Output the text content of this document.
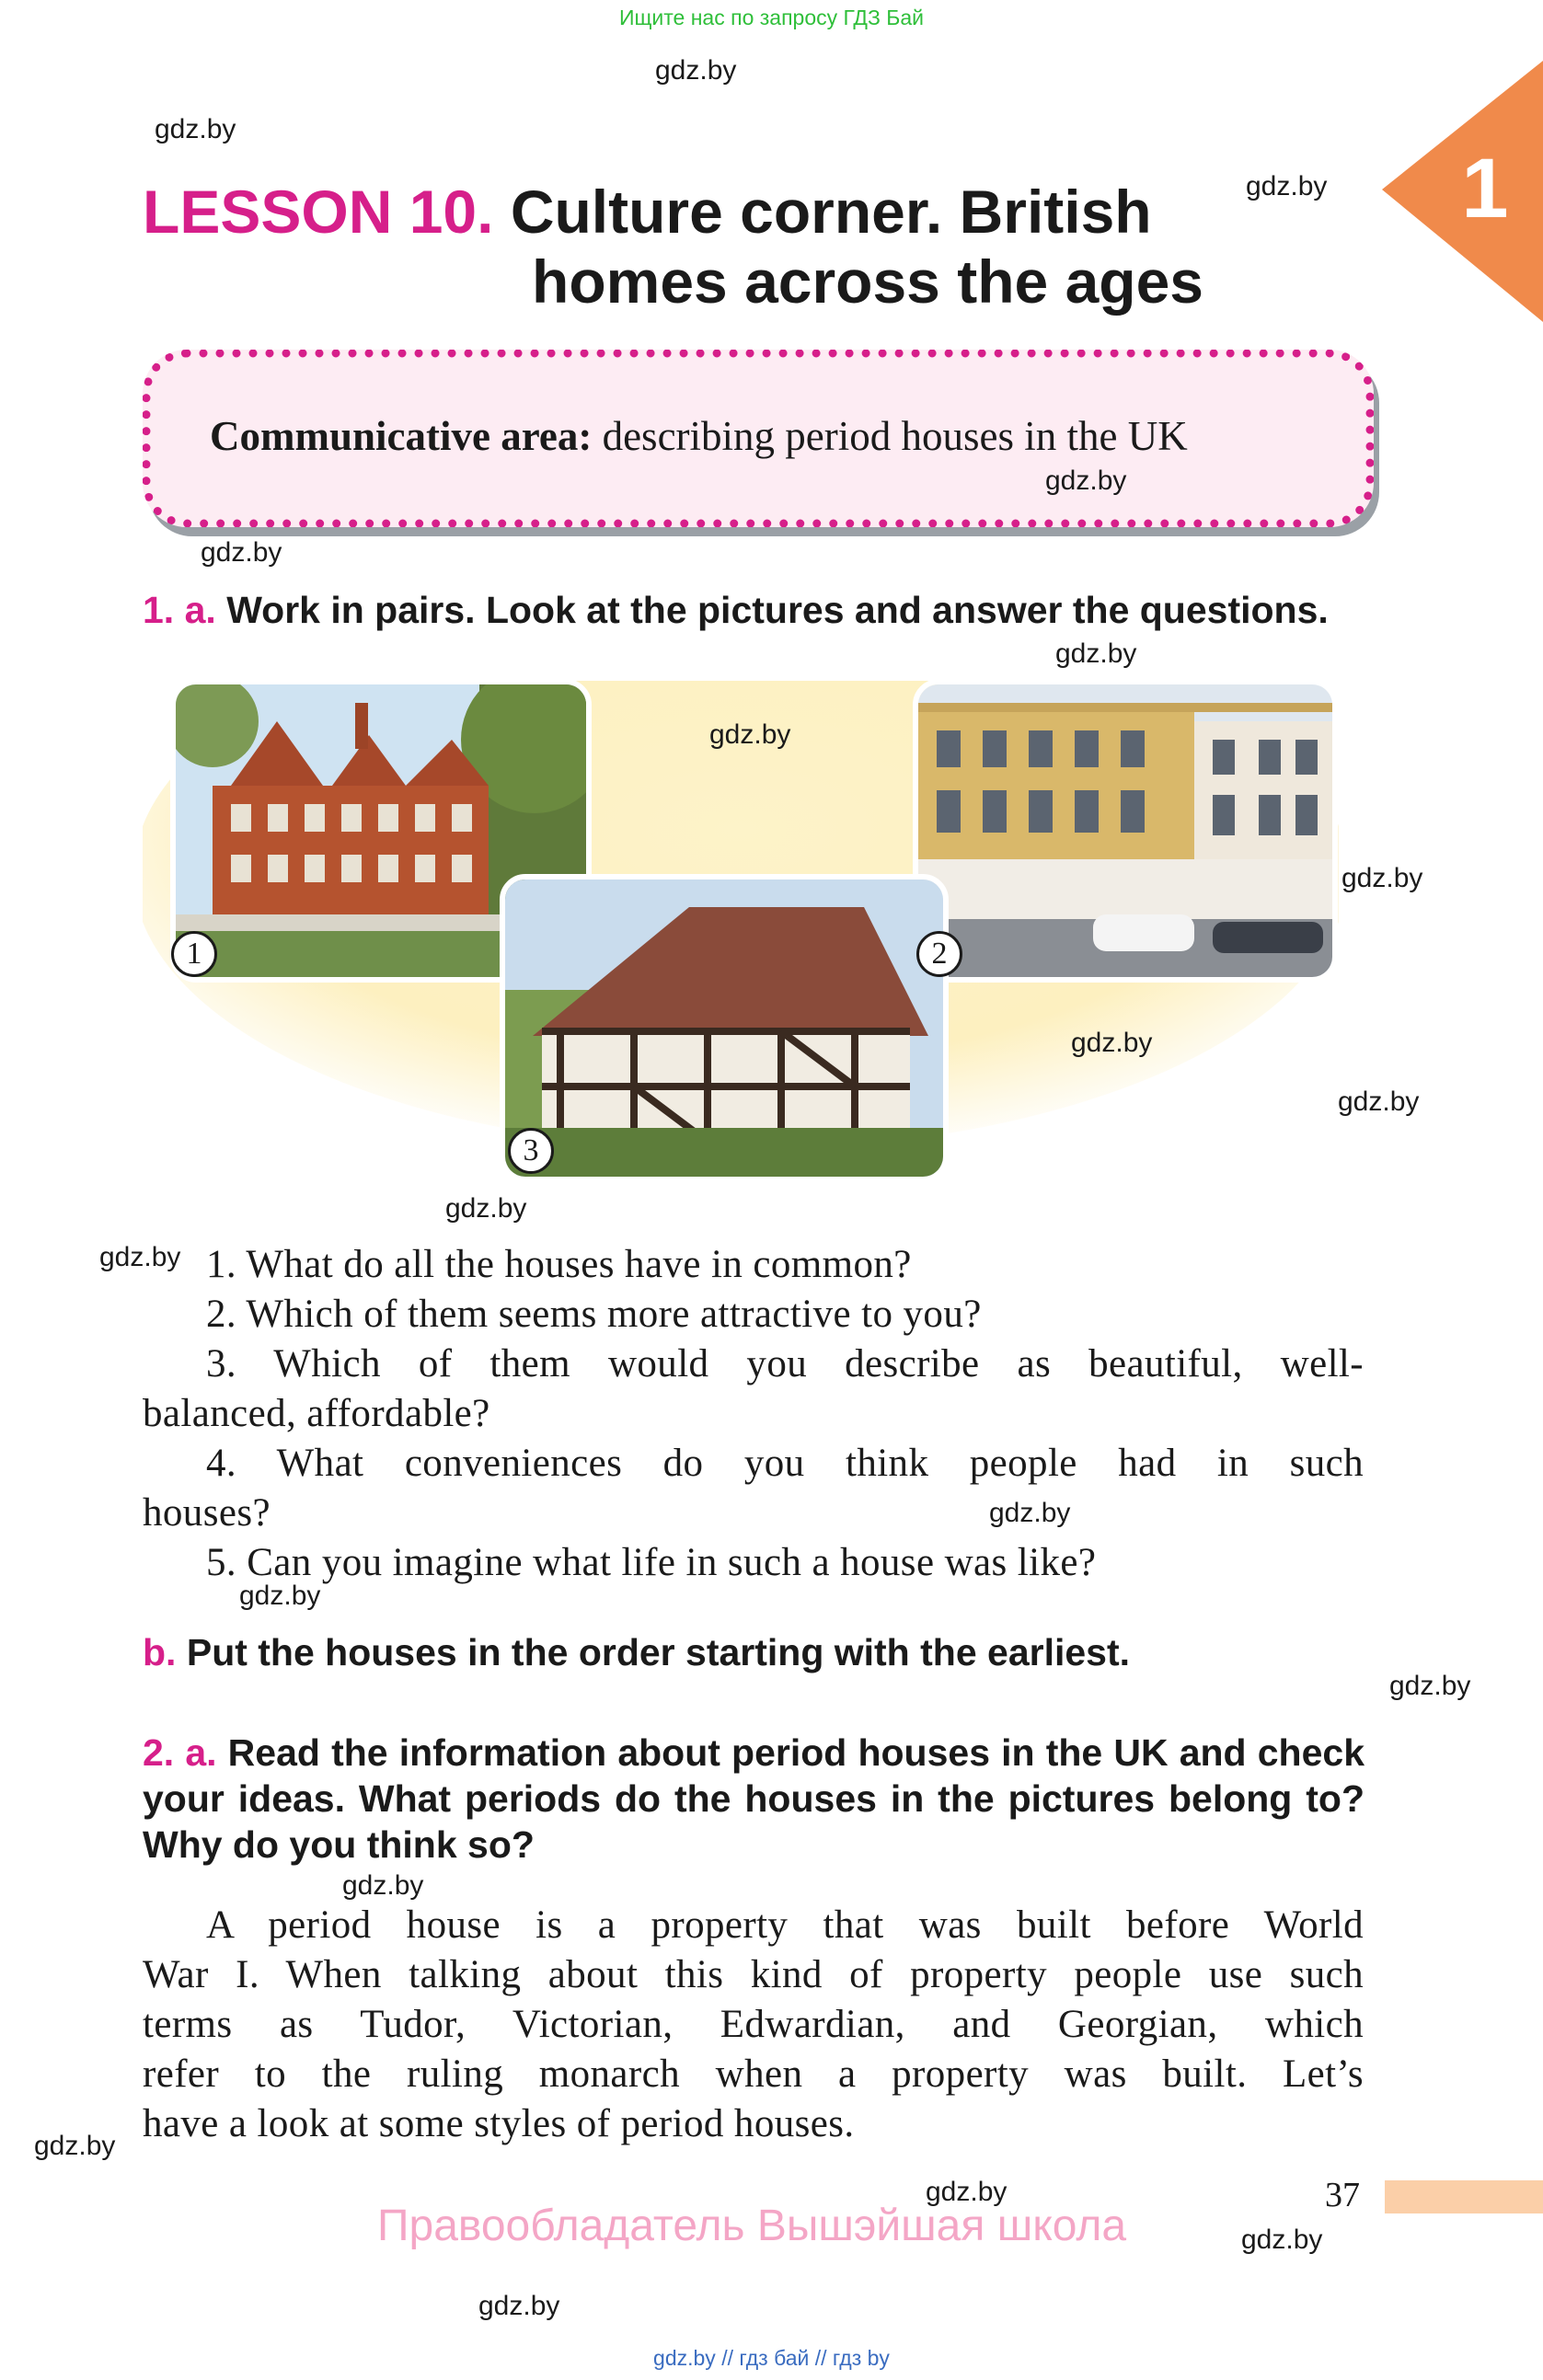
Ищите нас по запросу ГДЗ Бай
1
LESSON 10. Culture corner. British
homes across the ages
Communicative area: describing period houses in the UK
1. a. Work in pairs. Look at the pictures and answer the questions.
1	2
3
1. What do all the houses have in common?
2. Which of them seems more attractive to you?
3. Which of them would you describe as beautiful, well-
balanced, affordable?
4. What conveniences do you think people had in such
houses?
5. Can you imagine what life in such a house was like?
b. Put the houses in the order starting with the earliest.
2. a. Read the information about period houses in the UK and check
your ideas. What periods do the houses in the pictures belong to?
Why do you think so?
A period house is a property that was built before World
War I. When talking about this kind of property people use such
terms as Tudor, Victorian, Edwardian, and Georgian, which
refer to the ruling monarch when a property was built. Let’s
have a look at some styles of period houses.
37
Правообладатель Вышэйшая школа
gdz.by // гдз бай // гдз by
gdz.by
gdz.by
gdz.by
gdz.by
gdz.by
gdz.by
gdz.by
gdz.by
gdz.by
gdz.by
gdz.by
gdz.by
gdz.by
gdz.by
gdz.by
gdz.by
gdz.by
gdz.by
gdz.by
gdz.by
